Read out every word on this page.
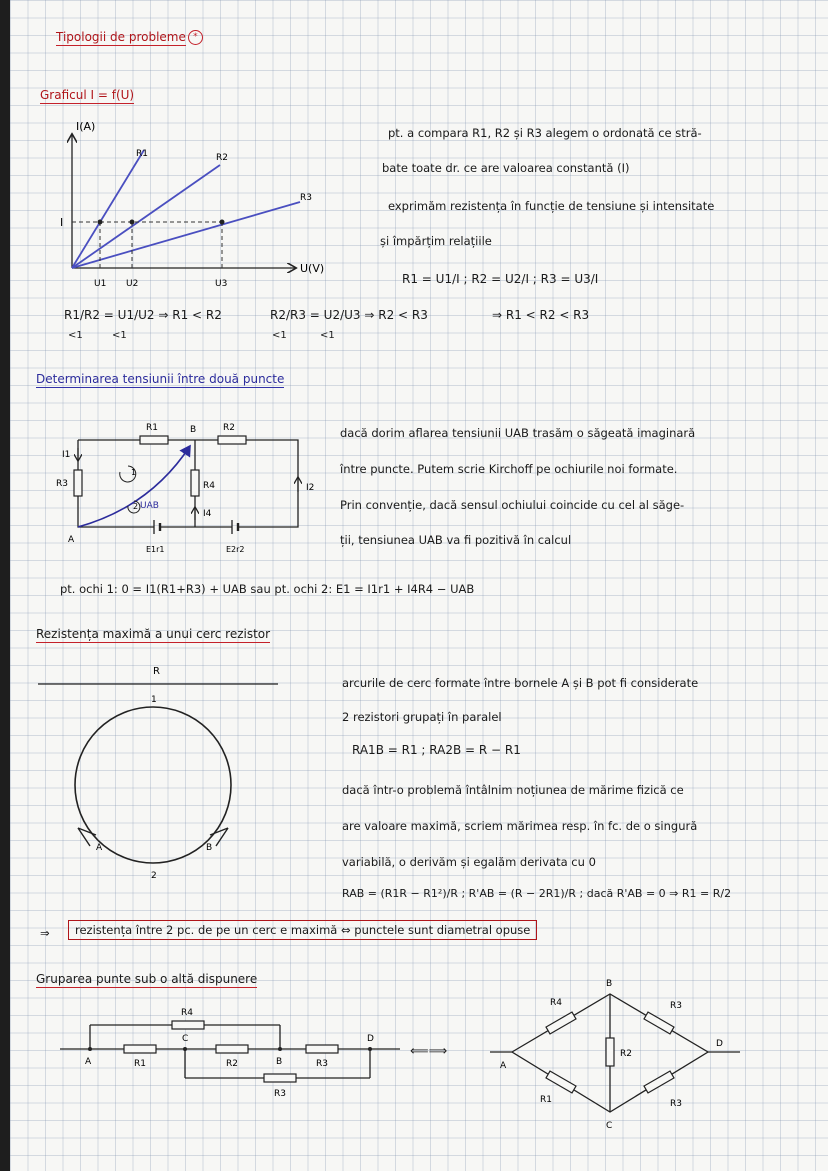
Tipologii de probleme *
Graficul I = f(U)
I(A)
U(V)
I
R1	R2
R3
U1 U2	U3
pt. a compara R1, R2 și R3 alegem o ordonată ce stră-
bate toate dr. ce are valoarea constantă (I)
exprimăm rezistența în funcție de tensiune și intensitate
și împărțim relațiile
R1 = U1/I ; R2 = U2/I ; R3 = U3/I
R1/R2 = U1/U2 ⇒ R1 < R2
<1	<1
R2/R3 = U2/U3 ⇒ R2 < R3
<1	<1
⇒ R1 < R2 < R3
Determinarea tensiunii între două puncte
R1	R2
R3	R4
I1
I2
I4
B
A
UAB
E1r1	E2r2
1
2
dacă dorim aflarea tensiunii UAB trasăm o săgeată imaginară
între puncte. Putem scrie Kirchoff pe ochiurile noi formate.
Prin convenție, dacă sensul ochiului coincide cu cel al săge-
ții, tensiunea UAB va fi pozitivă în calcul
pt. ochi 1: 0 = I1(R1+R3) + UAB sau pt. ochi 2: E1 = I1r1 + I4R4 − UAB
Rezistența maximă a unui cerc rezistor
R
1
2
A	B
arcurile de cerc formate între bornele A și B pot fi considerate
2 rezistori grupați în paralel
RA1B = R1 ; RA2B = R − R1
dacă într-o problemă întâlnim noțiunea de mărime fizică ce
are valoare maximă, scriem mărimea resp. în fc. de o singură
variabilă, o derivăm și egalăm derivata cu 0
RAB = (R1R − R1²)/R ; R'AB = (R − 2R1)/R ; dacă R'AB = 0 ⇒ R1 = R/2
⇒	rezistența între 2 pc. de pe un cerc e maximă ⇔ punctele sunt diametral opuse
Gruparea punte sub o altă dispunere
R4
R1	R2	R3
R3
A
C
B
D
⟸⟹
R4	R3
R1	R3
R2
B
C
A
D
